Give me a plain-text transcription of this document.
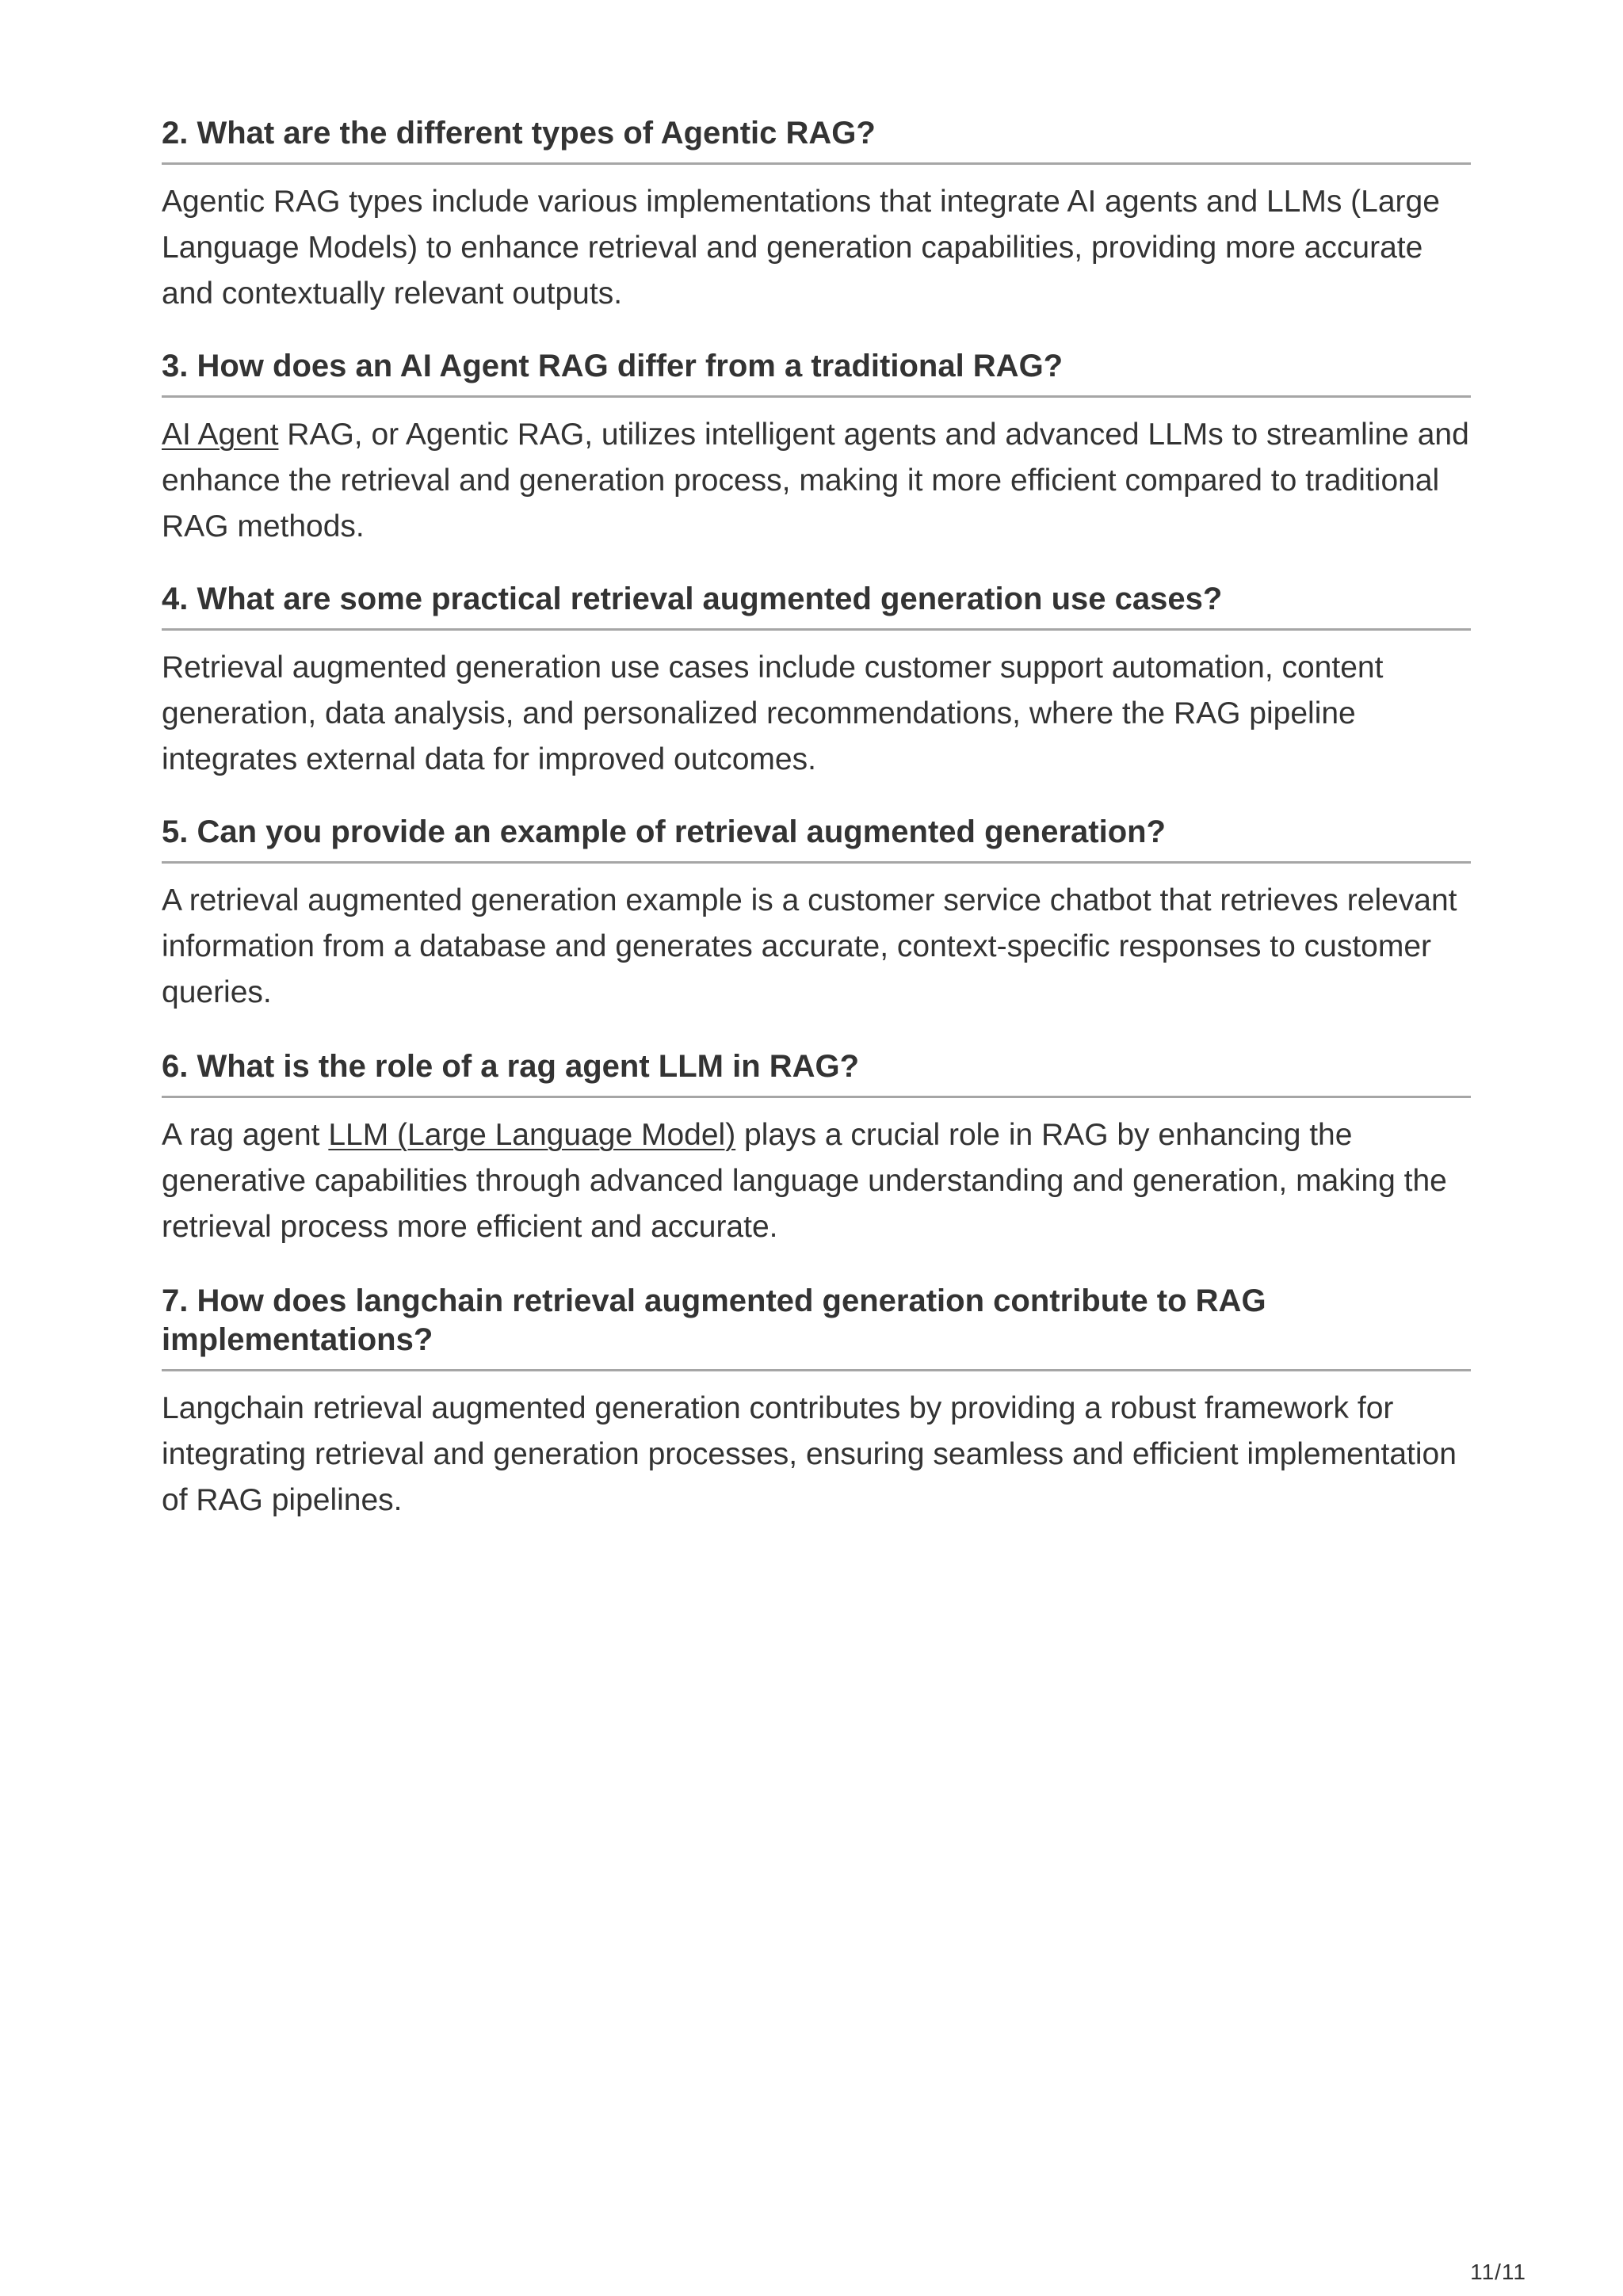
2. What are the different types of Agentic RAG?

Agentic RAG types include various implementations that integrate AI agents and LLMs (Large Language Models) to enhance retrieval and generation capabilities, providing more accurate and contextually relevant outputs.

3. How does an AI Agent RAG differ from a traditional RAG?

AI Agent RAG, or Agentic RAG, utilizes intelligent agents and advanced LLMs to streamline and enhance the retrieval and generation process, making it more efficient compared to traditional RAG methods.

4. What are some practical retrieval augmented generation use cases?

Retrieval augmented generation use cases include customer support automation, content generation, data analysis, and personalized recommendations, where the RAG pipeline integrates external data for improved outcomes.

5. Can you provide an example of retrieval augmented generation?

A retrieval augmented generation example is a customer service chatbot that retrieves relevant information from a database and generates accurate, context-specific responses to customer queries.

6. What is the role of a rag agent LLM in RAG?

A rag agent LLM (Large Language Model) plays a crucial role in RAG by enhancing the generative capabilities through advanced language understanding and generation, making the retrieval process more efficient and accurate.

7. How does langchain retrieval augmented generation contribute to RAG implementations?

Langchain retrieval augmented generation contributes by providing a robust framework for integrating retrieval and generation processes, ensuring seamless and efficient implementation of RAG pipelines.

11/11
